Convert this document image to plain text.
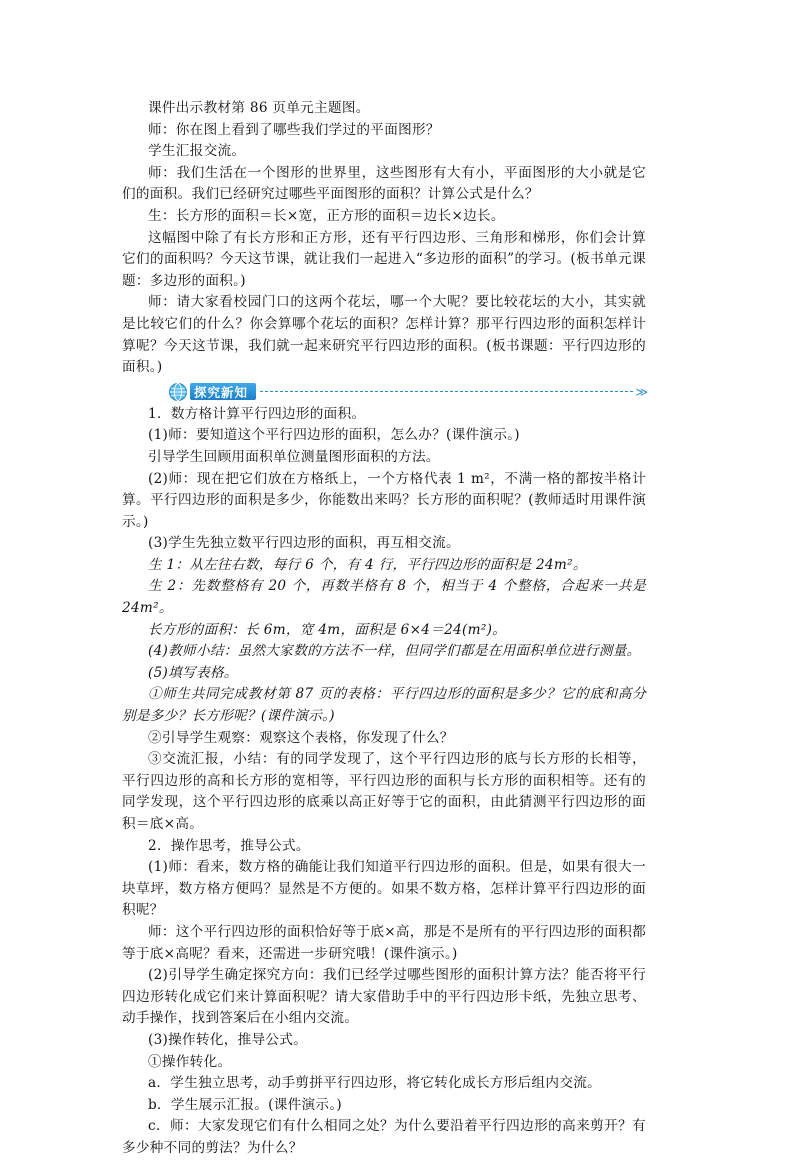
课件出示教材第 86 页单元主题图。

师：你在图上看到了哪些我们学过的平面图形？

学生汇报交流。

师：我们生活在一个图形的世界里，这些图形有大有小，平面图形的大小就是它们的面积。我们已经研究过哪些平面图形的面积？计算公式是什么？

生：长方形的面积＝长×宽，正方形的面积＝边长×边长。

这幅图中除了有长方形和正方形，还有平行四边形、三角形和梯形，你们会计算它们的面积吗？今天这节课，就让我们一起进入“多边形的面积”的学习。(板书单元课题：多边形的面积。)

师：请大家看校园门口的这两个花坛，哪一个大呢？要比较花坛的大小，其实就是比较它们的什么？你会算哪个花坛的面积？怎样计算？那平行四边形的面积怎样计算呢？今天这节课，我们就一起来研究平行四边形的面积。(板书课题：平行四边形的面积。)

探究新知	≫

1．数方格计算平行四边形的面积。

(1)师：要知道这个平行四边形的面积，怎么办？(课件演示。)

引导学生回顾用面积单位测量图形面积的方法。

(2)师：现在把它们放在方格纸上，一个方格代表 1 m²，不满一格的都按半格计算。平行四边形的面积是多少，你能数出来吗？长方形的面积呢？(教师适时用课件演示。)

(3)学生先独立数平行四边形的面积，再互相交流。

生 1：从左往右数，每行 6 个，有 4 行，平行四边形的面积是 24m²。

生 2：先数整格有 20 个，再数半格有 8 个，相当于 4 个整格，合起来一共是 24m²。

长方形的面积：长 6m，宽 4m，面积是 6×4＝24(m²)。

(4)教师小结：虽然大家数的方法不一样，但同学们都是在用面积单位进行测量。

(5)填写表格。

①师生共同完成教材第 87 页的表格：平行四边形的面积是多少？它的底和高分别是多少？长方形呢？(课件演示。)

②引导学生观察：观察这个表格，你发现了什么？

③交流汇报，小结：有的同学发现了，这个平行四边形的底与长方形的长相等，平行四边形的高和长方形的宽相等，平行四边形的面积与长方形的面积相等。还有的同学发现，这个平行四边形的底乘以高正好等于它的面积，由此猜测平行四边形的面积＝底×高。

2．操作思考，推导公式。

(1)师：看来，数方格的确能让我们知道平行四边形的面积。但是，如果有很大一块草坪，数方格方便吗？显然是不方便的。如果不数方格，怎样计算平行四边形的面积呢？

师：这个平行四边形的面积恰好等于底×高，那是不是所有的平行四边形的面积都等于底×高呢？看来，还需进一步研究哦！(课件演示。)

(2)引导学生确定探究方向：我们已经学过哪些图形的面积计算方法？能否将平行四边形转化成它们来计算面积呢？请大家借助手中的平行四边形卡纸，先独立思考、动手操作，找到答案后在小组内交流。

(3)操作转化，推导公式。

①操作转化。

a．学生独立思考，动手剪拼平行四边形，将它转化成长方形后组内交流。

b．学生展示汇报。(课件演示。)

c．师：大家发现它们有什么相同之处？为什么要沿着平行四边形的高来剪开？有多少种不同的剪法？为什么？
